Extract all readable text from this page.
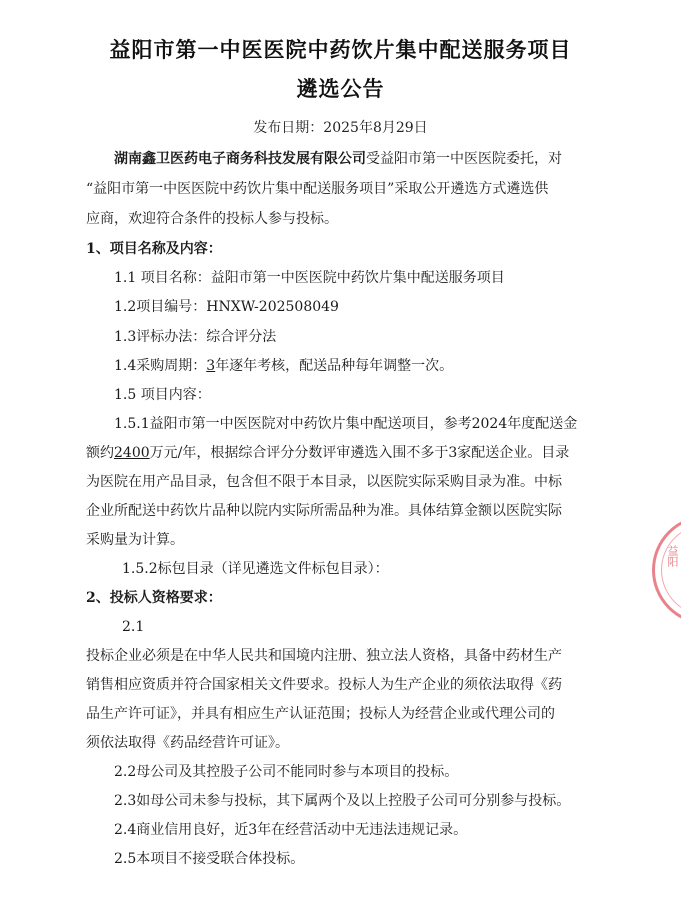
益阳市第一中医医院中药饮片集中配送服务项目
遴选公告
发布日期：2025年8月29日
湖南鑫卫医药电子商务科技发展有限公司受益阳市第一中医医院委托，对
“益阳市第一中医医院中药饮片集中配送服务项目”采取公开遴选方式遴选供
应商，欢迎符合条件的投标人参与投标。
1、项目名称及内容：
1.1 项目名称：益阳市第一中医医院中药饮片集中配送服务项目
1.2项目编号：HNXW-202508049
1.3评标办法：综合评分法
1.4采购周期：3年逐年考核，配送品种每年调整一次。
1.5 项目内容：
1.5.1益阳市第一中医医院对中药饮片集中配送项目，参考2024年度配送金
额约2400万元/年，根据综合评分分数评审遴选入围不多于3家配送企业。目录
为医院在用产品目录，包含但不限于本目录，以医院实际采购目录为准。中标
企业所配送中药饮片品种以院内实际所需品种为准。具体结算金额以医院实际
采购量为计算。
1.5.2标包目录（详见遴选文件标包目录）：
2、投标人资格要求：
2.1
投标企业必须是在中华人民共和国境内注册、独立法人资格，具备中药材生产
销售相应资质并符合国家相关文件要求。投标人为生产企业的须依法取得《药
品生产许可证》，并具有相应生产认证范围；投标人为经营企业或代理公司的
须依法取得《药品经营许可证》。
2.2母公司及其控股子公司不能同时参与本项目的投标。
2.3如母公司未参与投标，其下属两个及以上控股子公司可分别参与投标。
2.4商业信用良好，近3年在经营活动中无违法违规记录。
2.5本项目不接受联合体投标。
益阳
